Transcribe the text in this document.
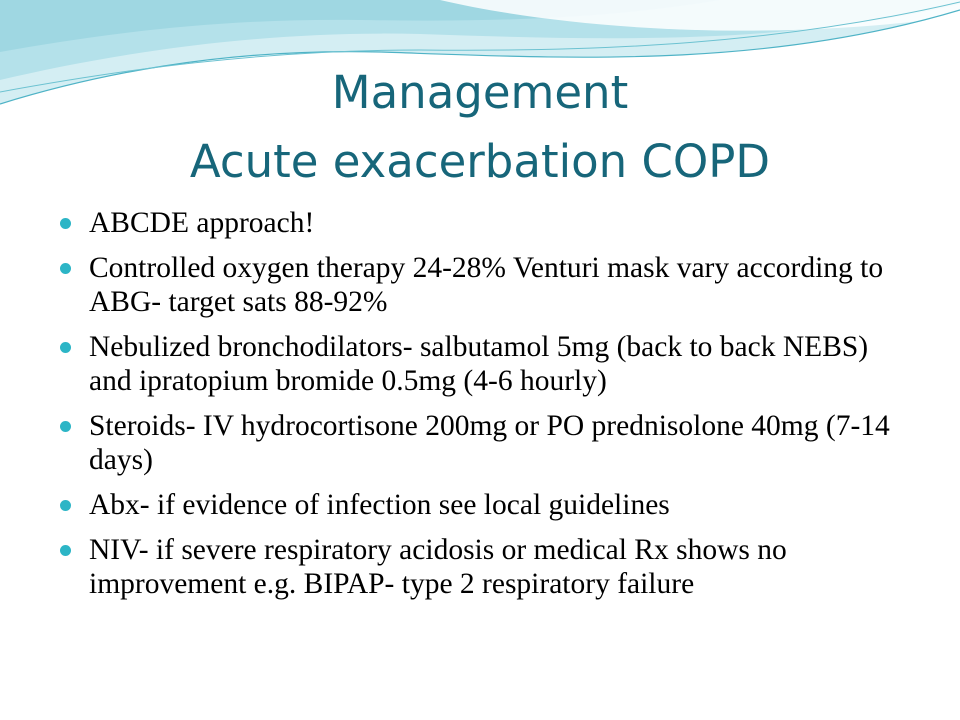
Management
Acute exacerbation COPD
ABCDE approach!
Controlled oxygen therapy 24-28% Venturi mask vary according to ABG- target sats 88-92%
Nebulized bronchodilators- salbutamol 5mg (back to back NEBS) and ipratopium bromide 0.5mg (4-6 hourly)
Steroids- IV hydrocortisone 200mg or PO prednisolone 40mg (7-14 days)
Abx- if evidence of infection see local guidelines
NIV- if severe respiratory acidosis or medical Rx shows no improvement e.g. BIPAP- type 2 respiratory failure
